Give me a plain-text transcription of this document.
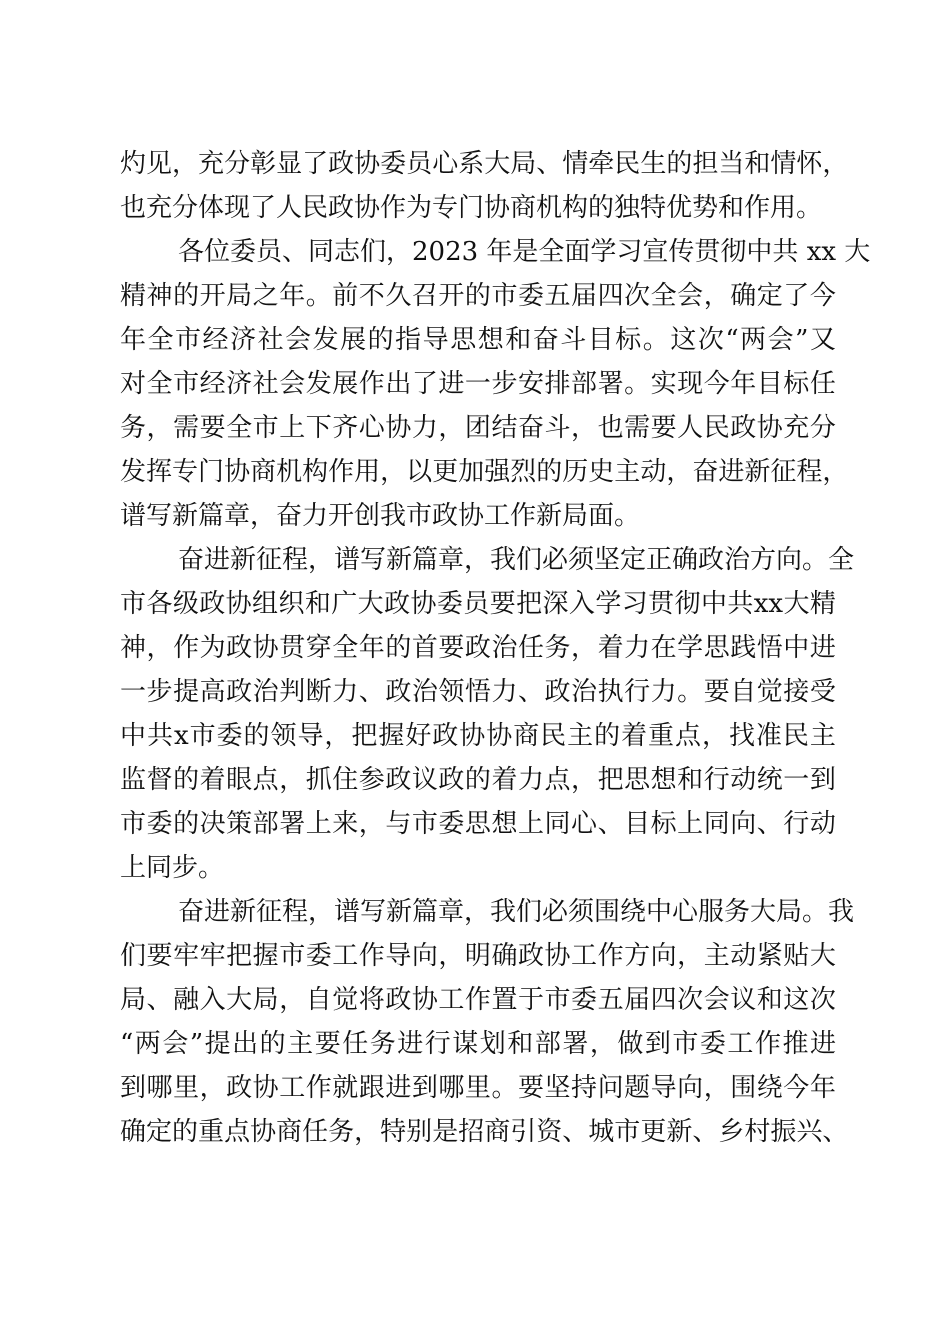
灼 见 ， 充 分 彰 显 了 政 协 委 员 心 系 大 局 、 情 牵 民 生 的 担 当 和 情 怀 ，
也充分体现了人民政协作为专门协商机构的独特优势和作用。
各位委员、同志们，2023 年是全面学习宣传贯彻中共 xx 大
精 神 的 开 局 之 年 。 前 不 久 召 开 的 市 委 五 届 四 次 全 会 ， 确 定 了 今
年 全 市 经 济 社 会 发 展 的 指 导 思 想 和 奋 斗 目 标 。 这 次 “ 两 会 ” 又
对 全 市 经 济 社 会 发 展 作 出 了 进 一 步 安 排 部 署 。 实 现 今 年 目 标 任
务 ， 需 要 全 市 上 下 齐 心 协 力 ， 团 结 奋 斗 ， 也 需 要 人 民 政 协 充 分
发 挥 专 门 协 商 机 构 作 用 ， 以 更 加 强 烈 的 历 史 主 动 ， 奋 进 新 征 程 ，
谱写新篇章，奋力开创我市政协工作新局面。
奋进新征程，谱写新篇章，我们必须坚定正确政治方向。全
市 各 级 政 协 组 织 和 广 大 政 协 委 员 要 把 深 入 学 习 贯 彻 中 共 xx 大 精
神 ， 作 为 政 协 贯 穿 全 年 的 首 要 政 治 任 务 ， 着 力 在 学 思 践 悟 中 进
一 步 提 高 政 治 判 断 力 、 政 治 领 悟 力 、 政 治 执 行 力 。 要 自 觉 接 受
中 共 x 市 委 的 领 导 ， 把 握 好 政 协 协 商 民 主 的 着 重 点 ， 找 准 民 主
监 督 的 着 眼 点 ， 抓 住 参 政 议 政 的 着 力 点 ， 把 思 想 和 行 动 统 一 到
市 委 的 决 策 部 署 上 来 ， 与 市 委 思 想 上 同 心 、 目 标 上 同 向 、 行 动
上同步。
奋进新征程，谱写新篇章，我们必须围绕中心服务大局。我
们 要 牢 牢 把 握 市 委 工 作 导 向 ， 明 确 政 协 工 作 方 向 ， 主 动 紧 贴 大
局 、 融 入 大 局 ， 自 觉 将 政 协 工 作 置 于 市 委 五 届 四 次 会 议 和 这 次
“ 两 会 ” 提 出 的 主 要 任 务 进 行 谋 划 和 部 署 ， 做 到 市 委 工 作 推 进
到 哪 里 ， 政 协 工 作 就 跟 进 到 哪 里 。 要 坚 持 问 题 导 向 ， 围 绕 今 年
确 定 的 重 点 协 商 任 务 ， 特 别 是 招 商 引 资 、 城 市 更 新 、 乡 村 振 兴 、
